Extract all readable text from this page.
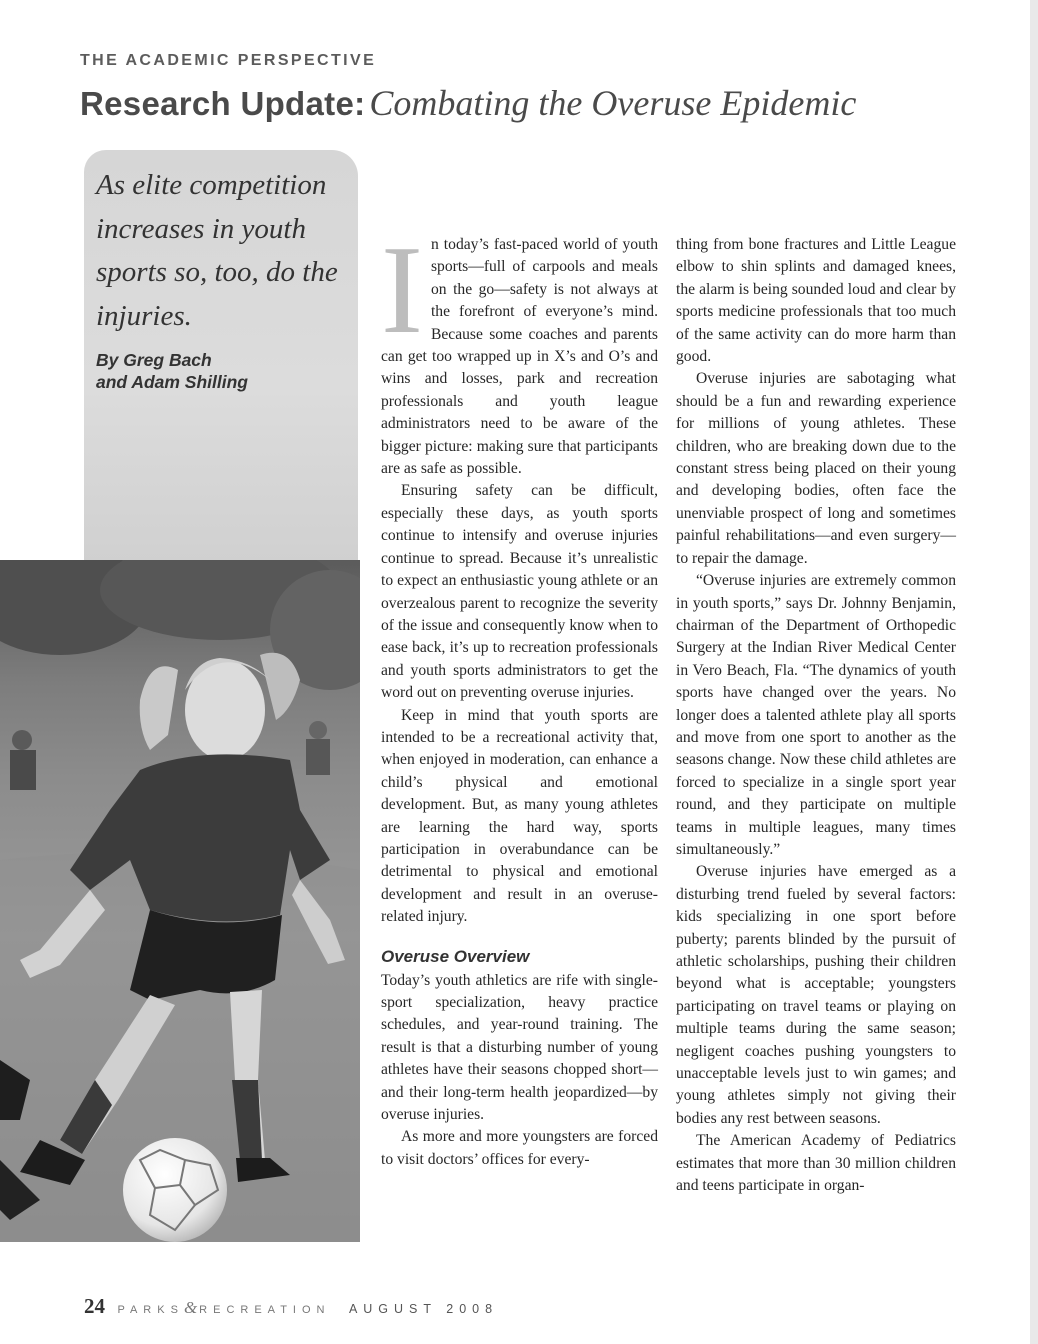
THE ACADEMIC PERSPECTIVE
Research Update: Combating the Overuse Epidemic
As elite competition increases in youth sports so, too, do the injuries.
By Greg Bach
and Adam Shilling

In today’s fast-paced world of youth sports—full of carpools and meals on the go—safety is not always at the forefront of everyone’s mind. Because some coaches and parents can get too wrapped up in X’s and O’s and wins and losses, park and recreation professionals and youth league administrators need to be aware of the bigger picture: making sure that participants are as safe as possible.

Ensuring safety can be difficult, especially these days, as youth sports continue to intensify and overuse injuries continue to spread. Because it’s unrealistic to expect an enthusiastic young athlete or an overzealous parent to recognize the severity of the issue and consequently know when to ease back, it’s up to recreation professionals and youth sports administrators to get the word out on preventing overuse injuries.

Keep in mind that youth sports are intended to be a recreational activity that, when enjoyed in moderation, can enhance a child’s physical and emotional development. But, as many young athletes are learning the hard way, sports participation in overabundance can be detrimental to physical and emotional development and result in an overuse-related injury.

Overuse Overview

Today’s youth athletics are rife with single-sport specialization, heavy practice schedules, and year-round training. The result is that a disturbing number of young athletes have their seasons chopped short—and their long-term health jeopardized—by overuse injuries.

As more and more youngsters are forced to visit doctors’ offices for every-

thing from bone fractures and Little League elbow to shin splints and damaged knees, the alarm is being sounded loud and clear by sports medicine professionals that too much of the same activity can do more harm than good.

Overuse injuries are sabotaging what should be a fun and rewarding experience for millions of young athletes. These children, who are breaking down due to the constant stress being placed on their young and developing bodies, often face the unenviable prospect of long and sometimes painful rehabilitations—and even surgery—to repair the damage.

“Overuse injuries are extremely common in youth sports,” says Dr. Johnny Benjamin, chairman of the Department of Orthopedic Surgery at the Indian River Medical Center in Vero Beach, Fla. “The dynamics of youth sports have changed over the years. No longer does a talented athlete play all sports and move from one sport to another as the seasons change. Now these child athletes are forced to specialize in a single sport year round, and they participate on multiple teams in multiple leagues, many times simultaneously.”

Overuse injuries have emerged as a disturbing trend fueled by several factors: kids specializing in one sport before puberty; parents blinded by the pursuit of athletic scholarships, pushing their children beyond what is acceptable; youngsters participating on travel teams or playing on multiple teams during the same season; negligent coaches pushing youngsters to unacceptable levels just to win games; and young athletes simply not giving their bodies any rest between seasons.

The American Academy of Pediatrics estimates that more than 30 million children and teens participate in organ-

24 PARKS&RECREATION AUGUST 2008
